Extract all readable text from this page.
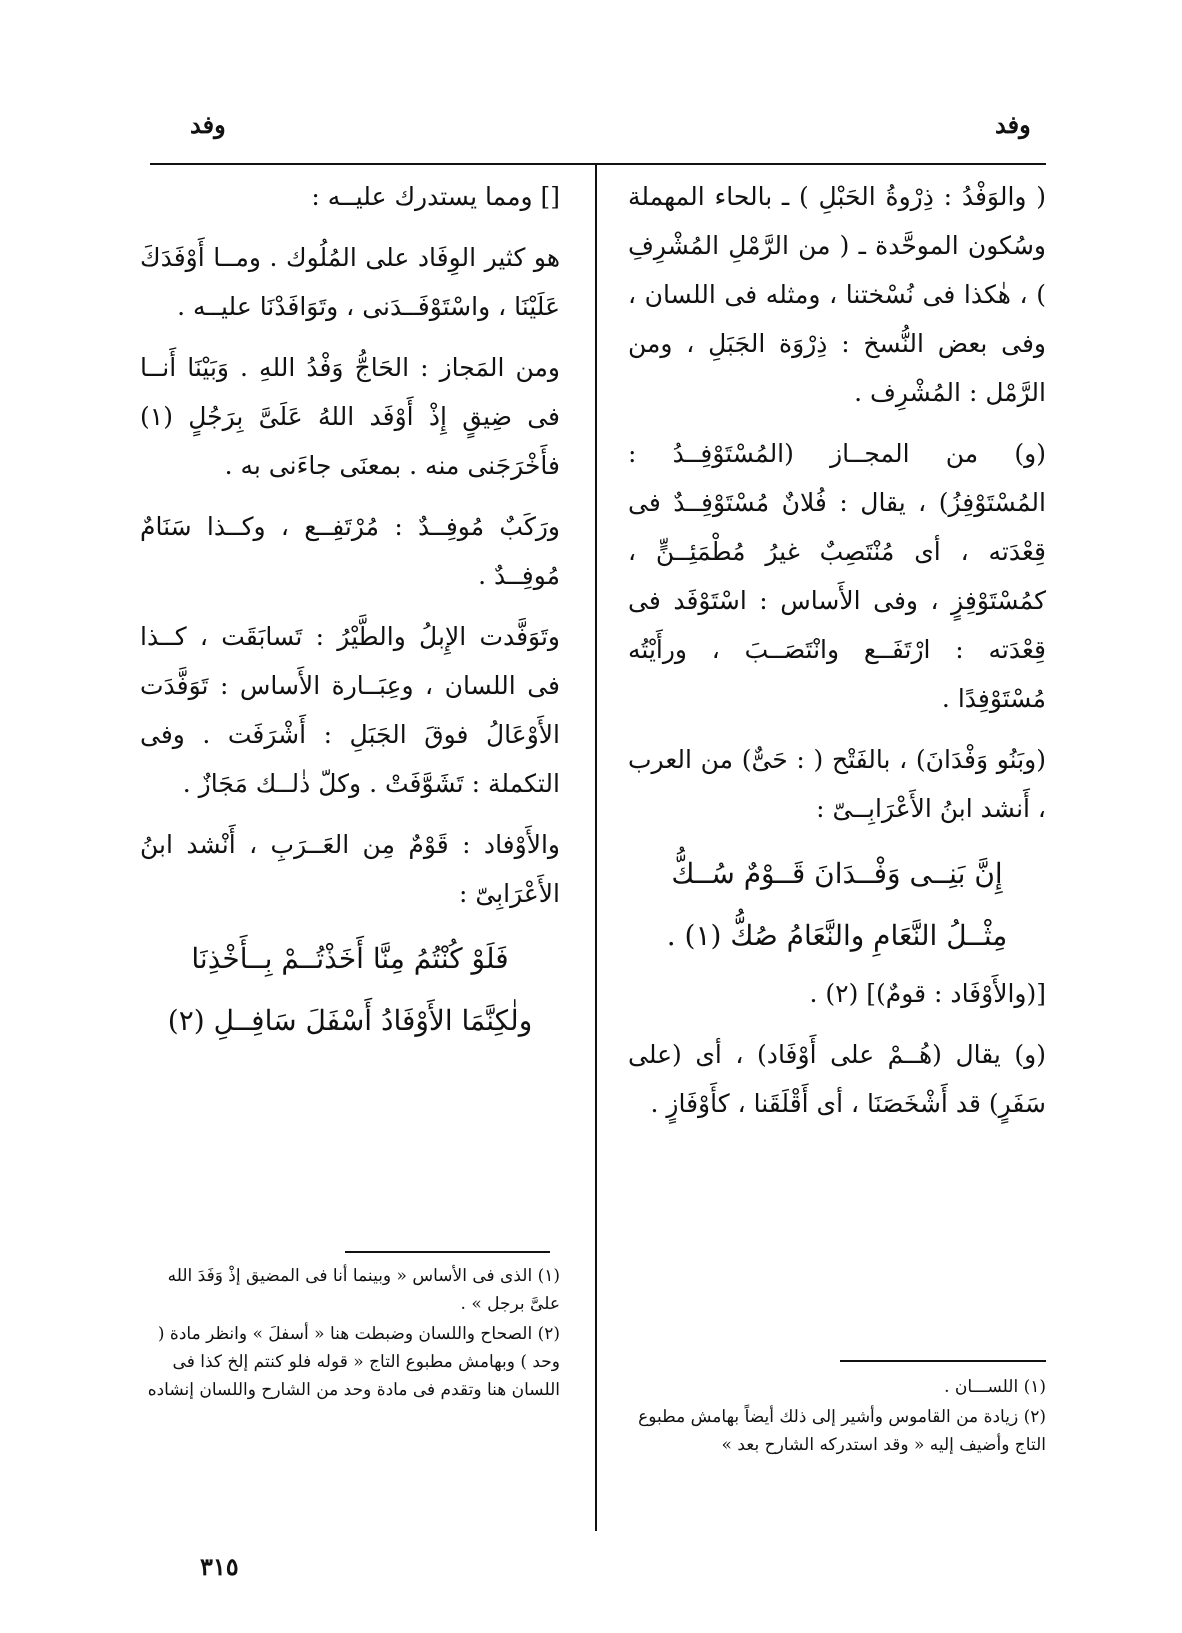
وفد	وفد

( والوَفْدُ : ذِرْوةُ الحَبْلِ ) ـ بالحاء المهملة وسُكون الموحَّدة ـ ( من الرَّمْلِ المُشْرِفِ ) ، هٰكذا فى نُسْختنا ، ومثله فى اللسان ، وفى بعض النُّسخ : ذِرْوَة الجَبَلِ ، ومن الرَّمْل : المُشْرِف .

(و) من المجــاز (المُسْتَوْفِــدُ : المُسْتَوْفِزُ) ، يقال : فُلانٌ مُسْتَوْفِــدٌ فى قِعْدَته ، أى مُنْتَصِبٌ غيرُ مُطْمَئِــنٍّ ، كمُسْتَوْفِزٍ ، وفى الأَساس : اسْتَوْفَد فى قِعْدَته : ارْتَفَــع وانْتَصَــبَ ، ورأَيْتُه مُسْتَوْفِدًا .

(وبَنُو وَفْدَانَ) ، بالفَتْح ( : حَىٌّ) من العرب ، أَنشد ابنُ الأَعْرَابِــىّ :

إِنَّ بَنِــى وَفْــدَانَ قَــوْمٌ سُــكُّ

مِثْــلُ النَّعَامِ والنَّعَامُ صُكُّ (١) .

[(والأَوْفَاد : قومٌ)] (٢) .

(و) يقال (هُــمْ على أَوْفَاد) ، أى (على سَفَرٍ) قد أَشْخَصَنَا ، أى أَقْلَقَنا ، كأَوْفَازٍ .

(١) اللســـان .

(٢) زيادة من القاموس وأشير إلى ذلك أيضاً بهامش مطبوع التاج وأضيف إليه « وقد استدركه الشارح بعد »

[] ومما يستدرك عليــه :

هو كثير الوِفَاد على المُلُوك . ومــا أَوْفَدَكَ عَلَيْنَا ، واسْتَوْفَــدَنى ، وتَوَافَدْنَا عليــه .

ومن المَجاز : الحَاجُّ وَفْدُ اللهِ . وَبَيْنَا أَنــا فى ضِيقٍ إِذْ أَوْفَد اللهُ عَلَىَّ بِرَجُلٍ (١) فأَخْرَجَنى منه . بمعنَى جاءَنى به .

ورَكَبٌ مُوفِــدٌ : مُرْتَفِــع ، وكــذا سَنَامٌ مُوفِــدٌ .

وتَوَفَّدت الإِبلُ والطَّيْرُ : تَسابَقَت ، كــذا فى اللسان ، وعِبَــارة الأَساس : تَوَفَّدَت الأَوْعَالُ فوقَ الجَبَلِ : أَشْرَفَت . وفى التكملة : تَشَوَّفَتْ . وكلّ ذٰلــك مَجَازٌ .

والأَوْفاد : قَوْمٌ مِن العَــرَبِ ، أَنْشد ابنُ الأَعْرَابِىّ :

فَلَوْ كُنْتُمُ مِنَّا أَخَذْتُــمْ بِــأَخْذِنَا

ولٰكِنَّمَا الأَوْفَادُ أَسْفَلَ سَافِــلِ (٢)

(١) الذى فى الأساس « وبينما أنا فى المضيق إذْ وَفَدَ الله علىَّ برجل » .

(٢) الصحاح واللسان وضبطت هنا « أسفلَ » وانظر مادة ( وحد ) وبهامش مطبوع التاج « قوله فلو كنتم إلخ كذا فى اللسان هنا وتقدم فى مادة وحد من الشارح واللسان إنشاده

٣١٥
